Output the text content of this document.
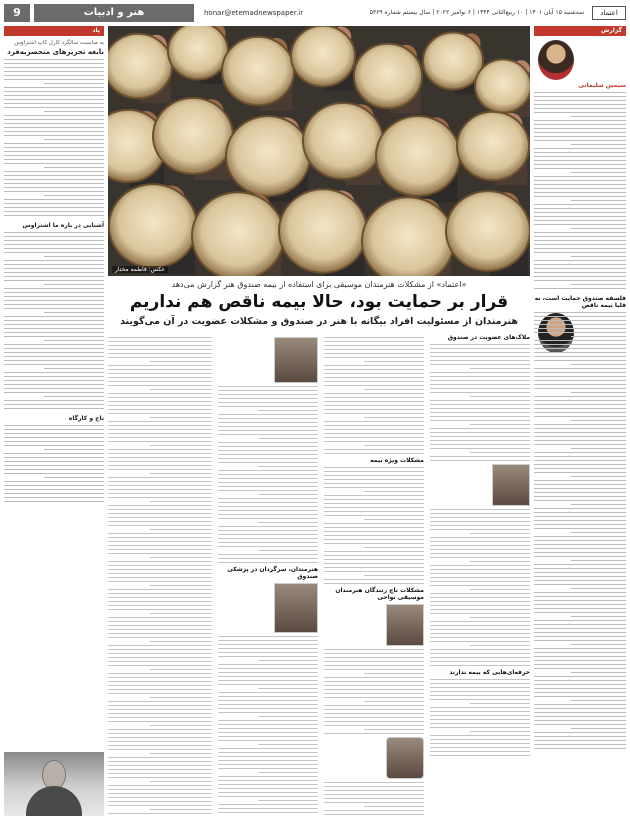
9	هنر و ادبیات	honar@etemadnewspaper.ir	سه‌شنبه ۱۵ آبان ۱۴۰۱ | ۱۰ ربیع‌الثانی ۱۴۴۴ | ۶ نوامبر ۲۰۲۲ | سال بیستم شماره ۵۳۶۹	اعتماد
گزارش
سیمین سلیمانی
فلسفه صندوق حمایت است، نه قلبا بیمه ناقص
یاد
به مناسبت سالگرد کارل کاپ اشتراوس
نابغه تحریرهای منحصربه‌فرد
آشنایی در باره ما اشتراوس
تاج و کارگاه
عکس: فاطمه مختار
«اعتماد» از مشکلات هنرمندان موسیقی برای استفاده از بیمه صندوق هنر گزارش می‌دهد
قرار بر حمایت بود، حالا بیمه ناقص هم نداریم
هنرمندان از مسئولیت افراد بیگانه با هنر در صندوق و مشکلات عضویت در آن می‌گویند
ملاک‌های عضویت در صندوق
حرفه‌ای‌هایی که بیمه ندارند
مشکلات ویژه بیمه
مشکلات ناچ زنندگان هنرمندان موسیقی نواحی
هنرمندان، سرگردان در پزشکی صندوق
